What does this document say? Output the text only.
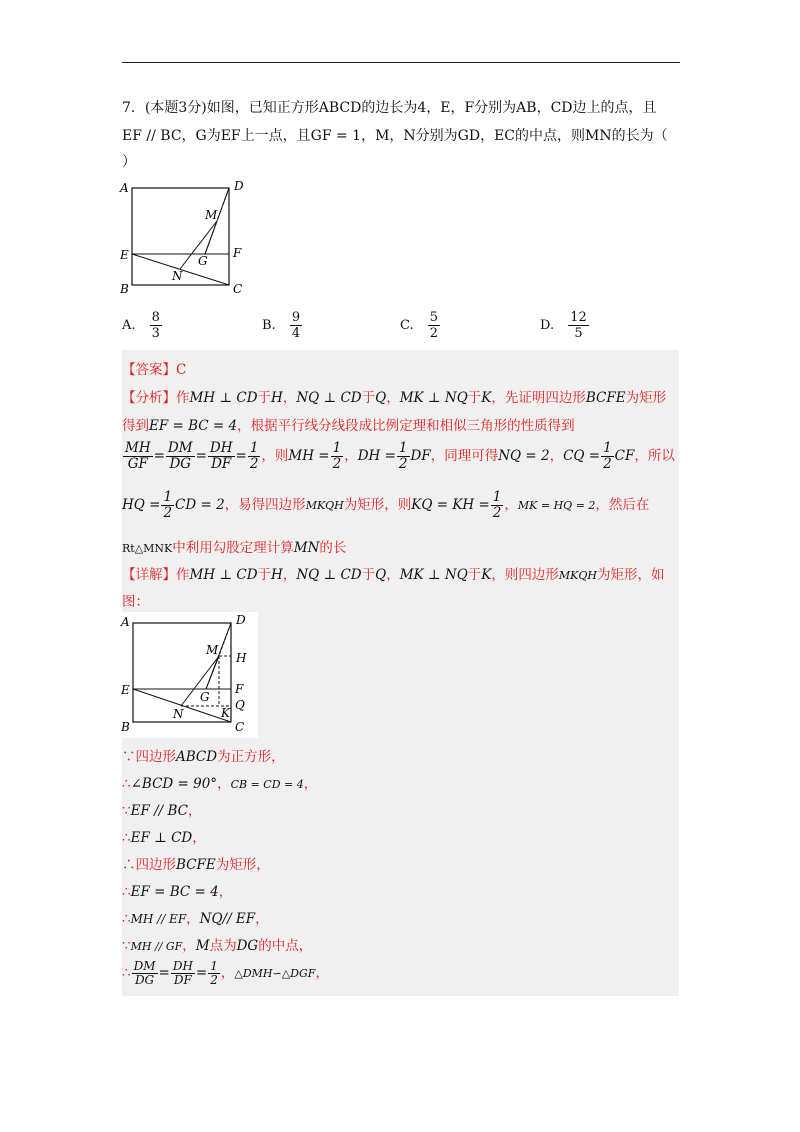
7．(本题3分)如图，已知正方形ABCD的边长为4，E，F分别为AB，CD边上的点，且
EF // BC，G为EF上一点，且GF = 1，M，N分别为GD，EC的中点，则MN的长为（
）
A	D
B	C
E	F
G
M
N
A. $\frac{8}{3}$	B. $\frac{9}{4}$	C. $\frac{5}{2}$	D. $\frac{12}{5}$
【答案】C
【分析】作MH ⊥ CD于H，NQ ⊥ CD于Q，MK ⊥ NQ于K，先证明四边形BCFE为矩形
得到EF = BC = 4，根据平行线分线段成比例定理和相似三角形的性质得到
$\frac{MH}{GF} = \frac{DM}{DG} = \frac{DH}{DF} = \frac{1}{2}$ ，则MH = $\frac{1}{2}$ ，DH = $\frac{1}{2}$ DF，同理可得NQ = 2，CQ = $\frac{1}{2}$ CF，所以
HQ = $\frac{1}{2}$ CD = 2，易得四边形MKQH为矩形，则KQ = KH = $\frac{1}{2}$ ，MK = HQ = 2，然后在
Rt△MNK中利用勾股定理计算MN的长
【详解】作MH ⊥ CD于H，NQ ⊥ CD于Q，MK ⊥ NQ于K，则四边形MKQH为矩形，如
图：
A	D
B	C
E	F
G
M
N
H
Q
K
∵四边形ABCD为正方形，
∴∠BCD = 90°，CB = CD = 4，
∵EF // BC，
∴EF ⊥ CD，
∴四边形BCFE为矩形，
∴EF = BC = 4，
∴MH // EF，NQ// EF，
∵MH // GF，M点为DG的中点，
∴ $\frac{DM}{DG} = \frac{DH}{DF} = \frac{1}{2}$ ，△DMH∽△DGF，
